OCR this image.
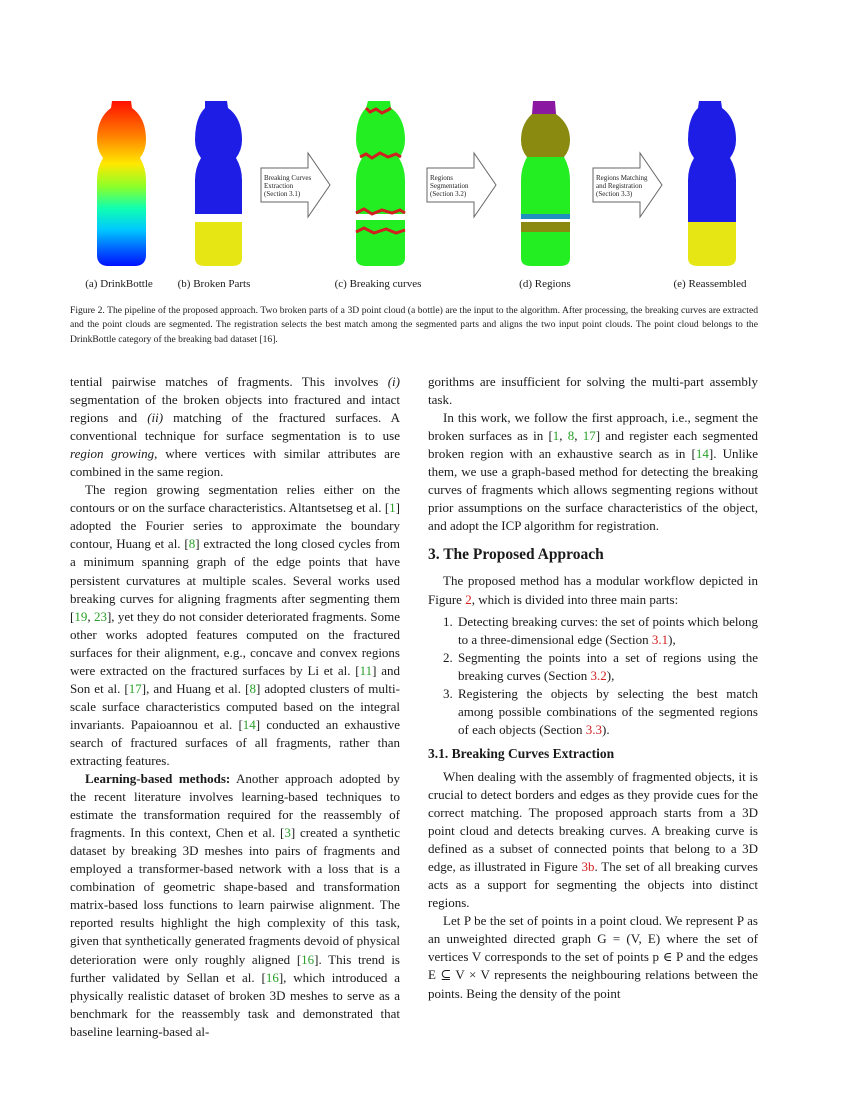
Breaking Curves
Extraction
(Section 3.1)
Regions
Segmentation
(Section 3.2)
Regions Matching
and Registration
(Section 3.3)
(a) DrinkBottle (b) Broken Parts	(c) Breaking curves	(d) Regions	(e) Reassembled
Figure 2. The pipeline of the proposed approach. Two broken parts of a 3D point cloud (a bottle) are the input to the algorithm. After processing, the breaking curves are extracted and the point clouds are segmented. The registration selects the best match among the segmented parts and aligns the two input point clouds. The point cloud belongs to the DrinkBottle category of the breaking bad dataset [16].

tential pairwise matches of fragments. This involves (i) segmentation of the broken objects into fractured and intact regions and (ii) matching of the fractured surfaces. A conventional technique for surface segmentation is to use region growing, where vertices with similar attributes are combined in the same region.

The region growing segmentation relies either on the contours or on the surface characteristics. Altantsetseg et al. [1] adopted the Fourier series to approximate the boundary contour, Huang et al. [8] extracted the long closed cycles from a minimum spanning graph of the edge points that have persistent curvatures at multiple scales. Several works used breaking curves for aligning fragments after segmenting them [19, 23], yet they do not consider deteriorated fragments. Some other works adopted features computed on the fractured surfaces for their alignment, e.g., concave and convex regions were extracted on the fractured surfaces by Li et al. [11] and Son et al. [17], and Huang et al. [8] adopted clusters of multi-scale surface characteristics computed based on the integral invariants. Papaioannou et al. [14] conducted an exhaustive search of fractured surfaces of all fragments, rather than extracting features.

Learning-based methods: Another approach adopted by the recent literature involves learning-based techniques to estimate the transformation required for the reassembly of fragments. In this context, Chen et al. [3] created a synthetic dataset by breaking 3D meshes into pairs of fragments and employed a transformer-based network with a loss that is a combination of geometric shape-based and transformation matrix-based loss functions to learn pairwise alignment. The reported results highlight the high complexity of this task, given that synthetically generated fragments devoid of physical deterioration were only roughly aligned [16]. This trend is further validated by Sellan et al. [16], which introduced a physically realistic dataset of broken 3D meshes to serve as a benchmark for the reassembly task and demonstrated that baseline learning-based al-

gorithms are insufficient for solving the multi-part assembly task.

In this work, we follow the first approach, i.e., segment the broken surfaces as in [1, 8, 17] and register each segmented broken region with an exhaustive search as in [14]. Unlike them, we use a graph-based method for detecting the breaking curves of fragments which allows segmenting regions without prior assumptions on the surface characteristics of the object, and adopt the ICP algorithm for registration.

3. The Proposed Approach

The proposed method has a modular workflow depicted in Figure 2, which is divided into three main parts:

1. Detecting breaking curves: the set of points which belong to a three-dimensional edge (Section 3.1),
2. Segmenting the points into a set of regions using the breaking curves (Section 3.2),
3. Registering the objects by selecting the best match among possible combinations of the segmented regions of each objects (Section 3.3).
3.1. Breaking Curves Extraction

When dealing with the assembly of fragmented objects, it is crucial to detect borders and edges as they provide cues for the correct matching. The proposed approach starts from a 3D point cloud and detects breaking curves. A breaking curve is defined as a subset of connected points that belong to a 3D edge, as illustrated in Figure 3b. The set of all breaking curves acts as a support for segmenting the objects into distinct regions.

Let P be the set of points in a point cloud. We represent P as an unweighted directed graph G = (V, E) where the set of vertices V corresponds to the set of points p ∈ P and the edges E ⊆ V × V represents the neighbouring relations between the points. Being the density of the point
